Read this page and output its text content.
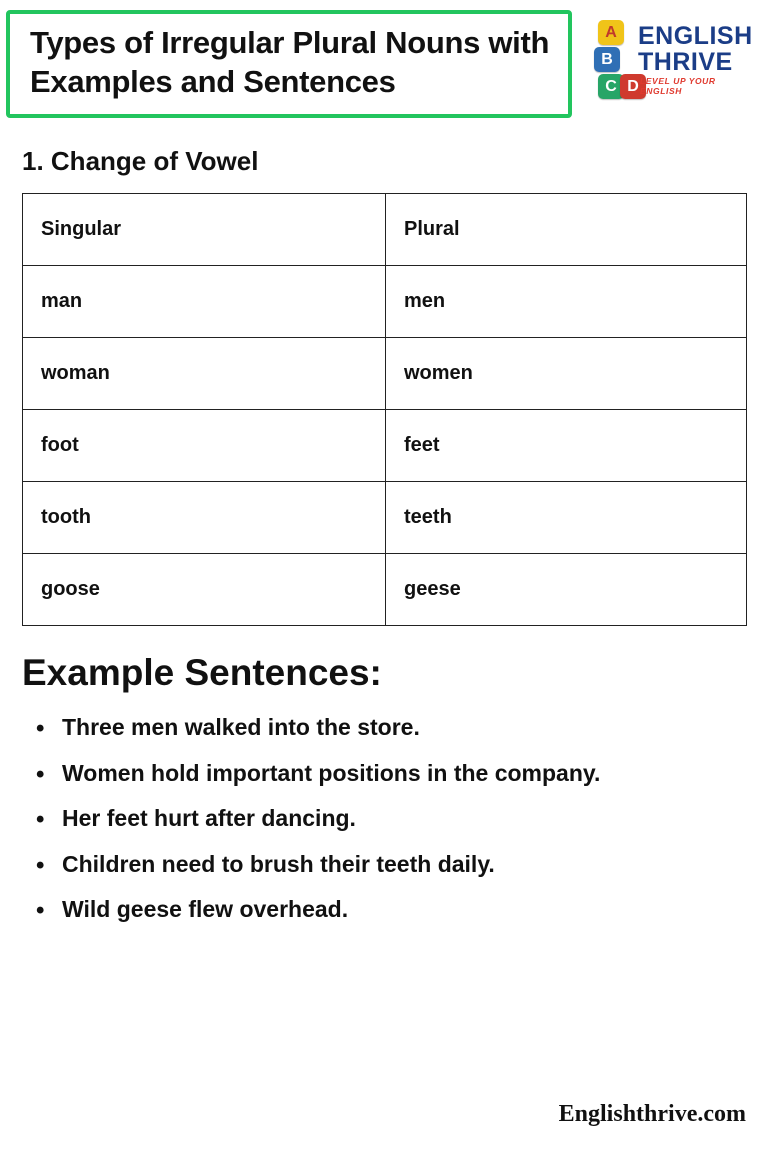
Types of Irregular Plural Nouns with Examples and Sentences
A
B
C D
ENGLISH
THRIVE
LEVEL UP YOUR ENGLISH
1. Change of Vowel
Singular	Plural
man	men
woman	women
foot	feet
tooth	teeth
goose	geese
Example Sentences:
• Three men walked into the store.
• Women hold important positions in the company.
• Her feet hurt after dancing.
• Children need to brush their teeth daily.
• Wild geese flew overhead.
Englishthrive.com
